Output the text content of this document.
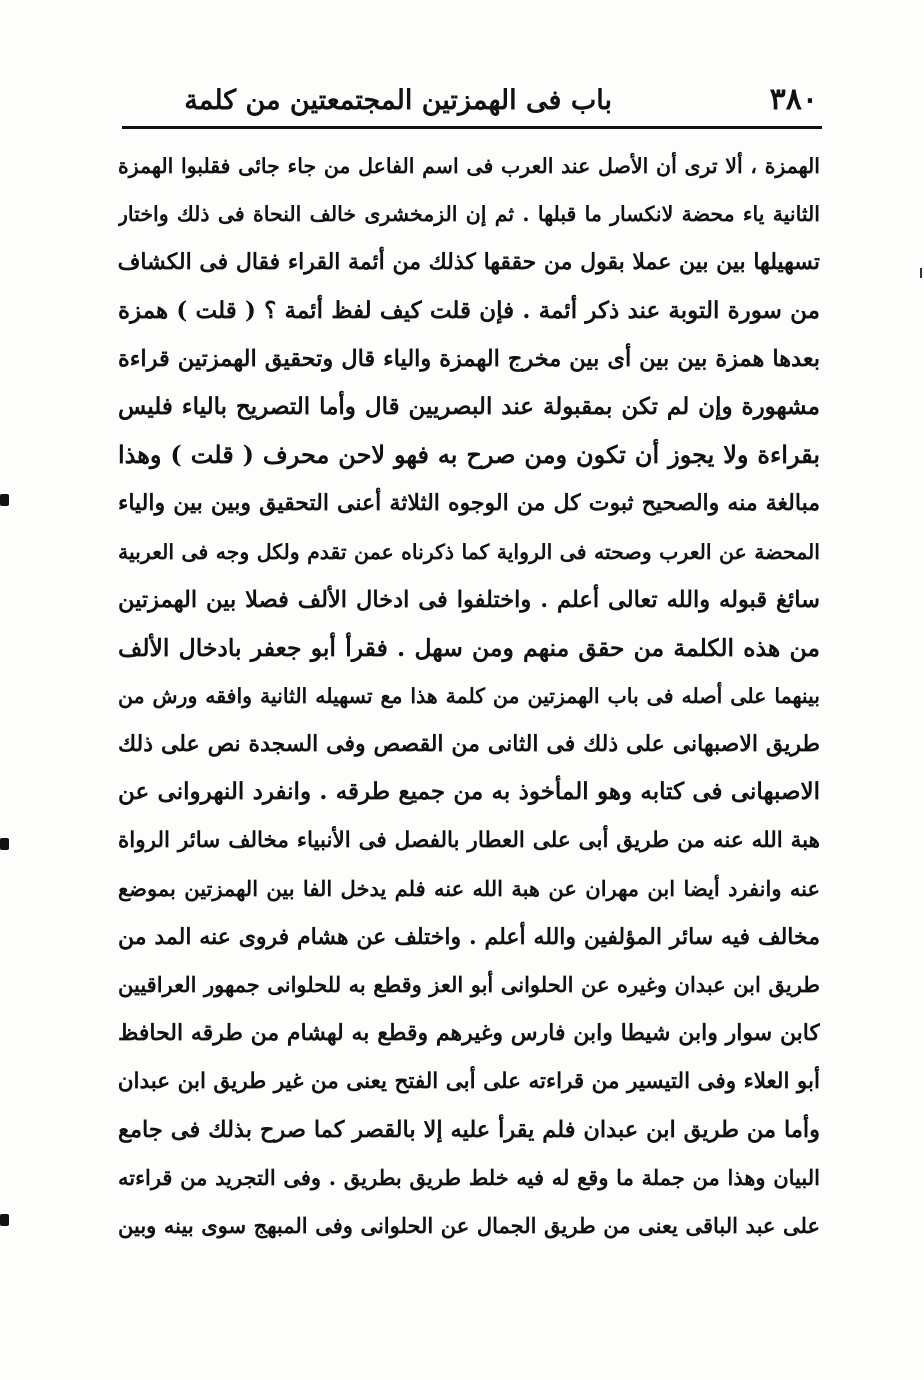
٣٨٠
باب فى الهمزتين المجتمعتين من كلمة
الهمزة ، ألا ترى أن الأصل عند العرب فى اسم الفاعل من جاء جائى فقلبوا الهمزة
الثانية ياء محضة لانكسار ما قبلها . ثم إن الزمخشرى خالف النحاة فى ذلك واختار
تسهيلها بين بين عملا بقول من حققها كذلك من أئمة القراء فقال فى الكشاف
من سورة التوبة عند ذكر أئمة . فإن قلت كيف لفظ أئمة ؟ ( قلت ) همزة
بعدها همزة بين بين أى بين مخرج الهمزة والياء قال وتحقيق الهمزتين قراءة
مشهورة وإن لم تكن بمقبولة عند البصريين قال وأما التصريح بالياء فليس
بقراءة ولا يجوز أن تكون ومن صرح به فهو لاحن محرف ( قلت ) وهذا
مبالغة منه والصحيح ثبوت كل من الوجوه الثلاثة أعنى التحقيق وبين بين والياء
المحضة عن العرب وصحته فى الرواية كما ذكرناه عمن تقدم ولكل وجه فى العربية
سائغ قبوله والله تعالى أعلم . واختلفوا فى ادخال الألف فصلا بين الهمزتين
من هذه الكلمة من حقق منهم ومن سهل . فقرأ أبو جعفر بادخال الألف
بينهما على أصله فى باب الهمزتين من كلمة هذا مع تسهيله الثانية وافقه ورش من
طريق الاصبهانى على ذلك فى الثانى من القصص وفى السجدة نص على ذلك
الاصبهانى فى كتابه وهو المأخوذ به من جميع طرقه . وانفرد النهروانى عن
هبة الله عنه من طريق أبى على العطار بالفصل فى الأنبياء مخالف سائر الرواة
عنه وانفرد أيضا ابن مهران عن هبة الله عنه فلم يدخل الفا بين الهمزتين بموضع
مخالف فيه سائر المؤلفين والله أعلم . واختلف عن هشام فروى عنه المد من
طريق ابن عبدان وغيره عن الحلوانى أبو العز وقطع به للحلوانى جمهور العراقيين
كابن سوار وابن شيطا وابن فارس وغيرهم وقطع به لهشام من طرقه الحافظ
أبو العلاء وفى التيسير من قراءته على أبى الفتح يعنى من غير طريق ابن عبدان
وأما من طريق ابن عبدان فلم يقرأ عليه إلا بالقصر كما صرح بذلك فى جامع
البيان وهذا من جملة ما وقع له فيه خلط طريق بطريق . وفى التجريد من قراءته
على عبد الباقى يعنى من طريق الجمال عن الحلوانى وفى المبهج سوى بينه وبين
